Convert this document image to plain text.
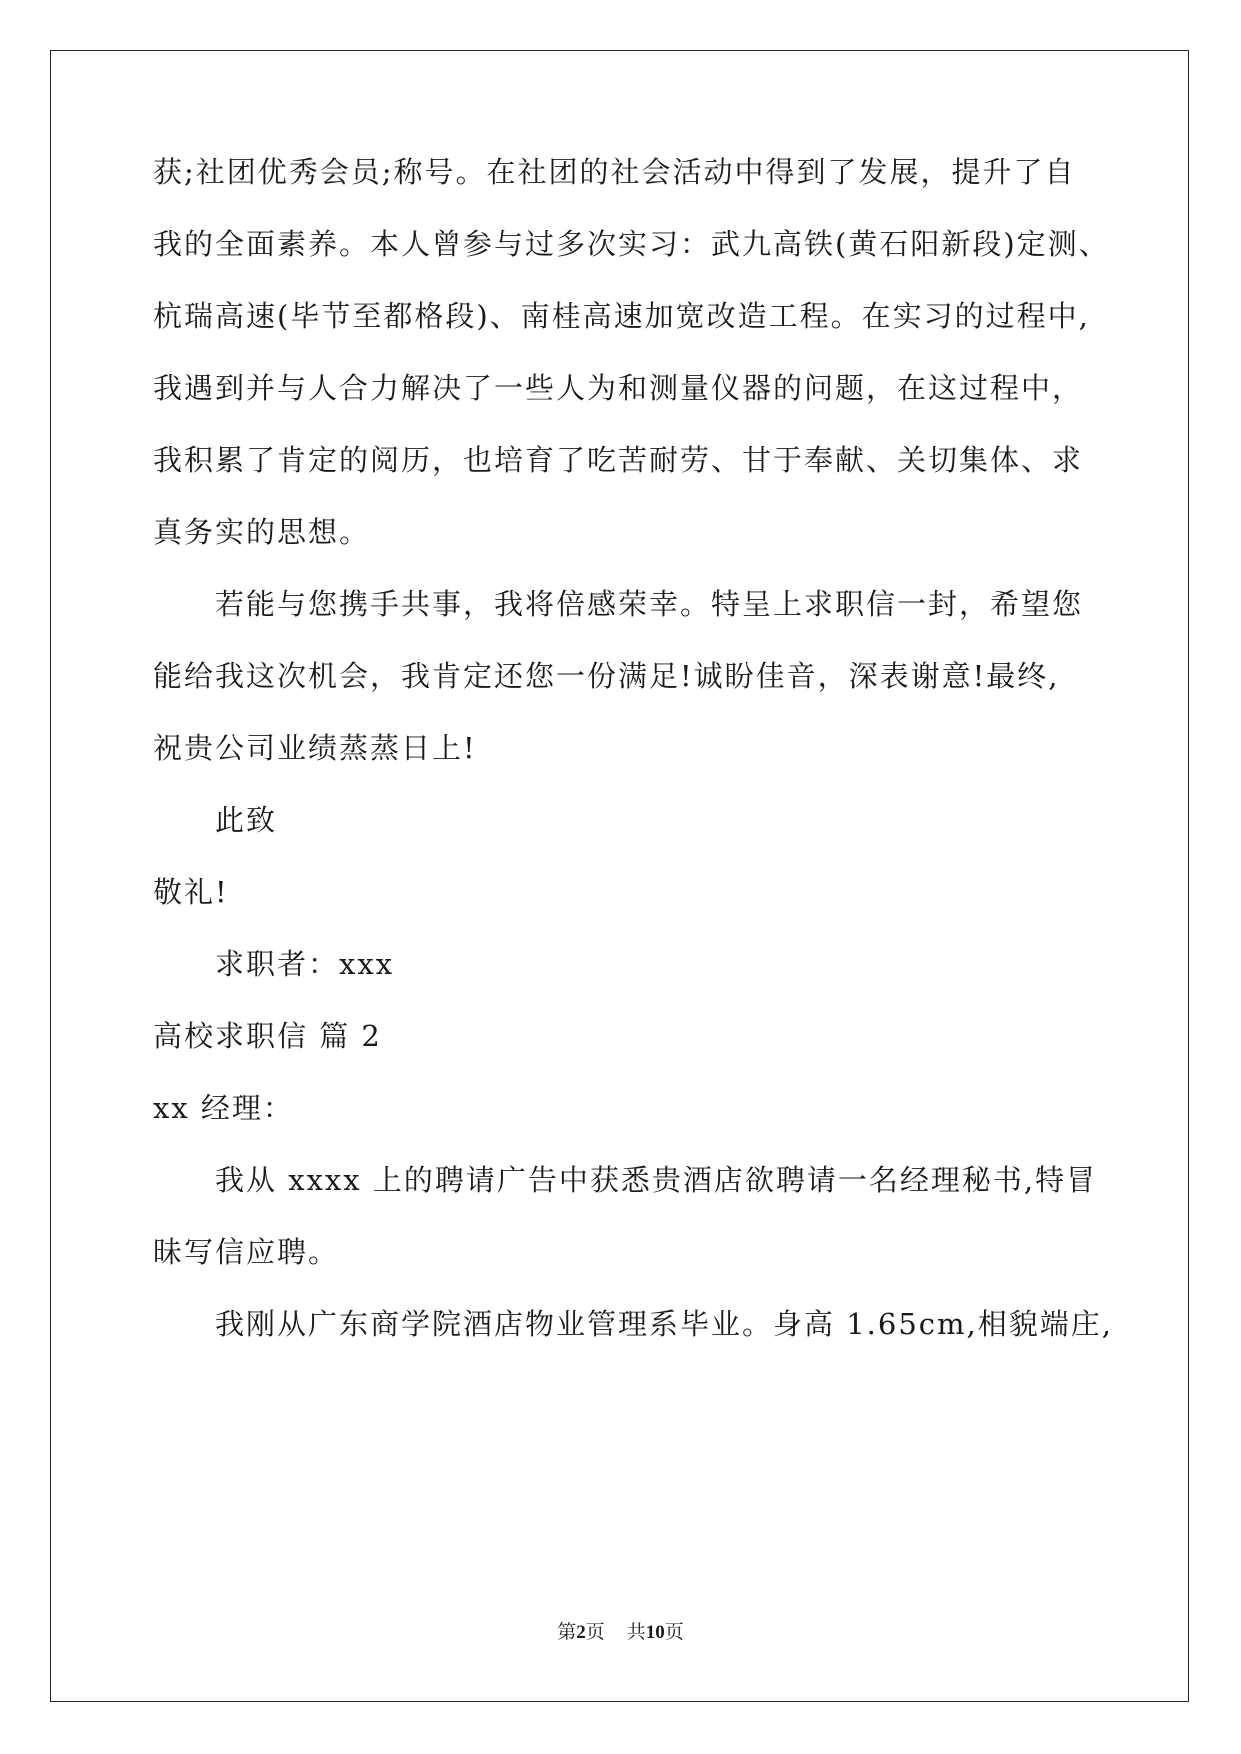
获;社团优秀会员;称号。在社团的社会活动中得到了发展，提升了自
我的全面素养。本人曾参与过多次实习：武九高铁(黄石阳新段)定测、
杭瑞高速(毕节至都格段)、南桂高速加宽改造工程。在实习的过程中,
我遇到并与人合力解决了一些人为和测量仪器的问题，在这过程中，
我积累了肯定的阅历，也培育了吃苦耐劳、甘于奉献、关切集体、求
真务实的思想。
若能与您携手共事，我将倍感荣幸。特呈上求职信一封，希望您
能给我这次机会，我肯定还您一份满足!诚盼佳音，深表谢意!最终,
祝贵公司业绩蒸蒸日上!
此致
敬礼!
求职者：xxx
高校求职信 篇 2
xx 经理：
我从 xxxx 上的聘请广告中获悉贵酒店欲聘请一名经理秘书,特冒
昧写信应聘。
我刚从广东商学院酒店物业管理系毕业。身高 1.65cm,相貌端庄,
第2页 共10页
